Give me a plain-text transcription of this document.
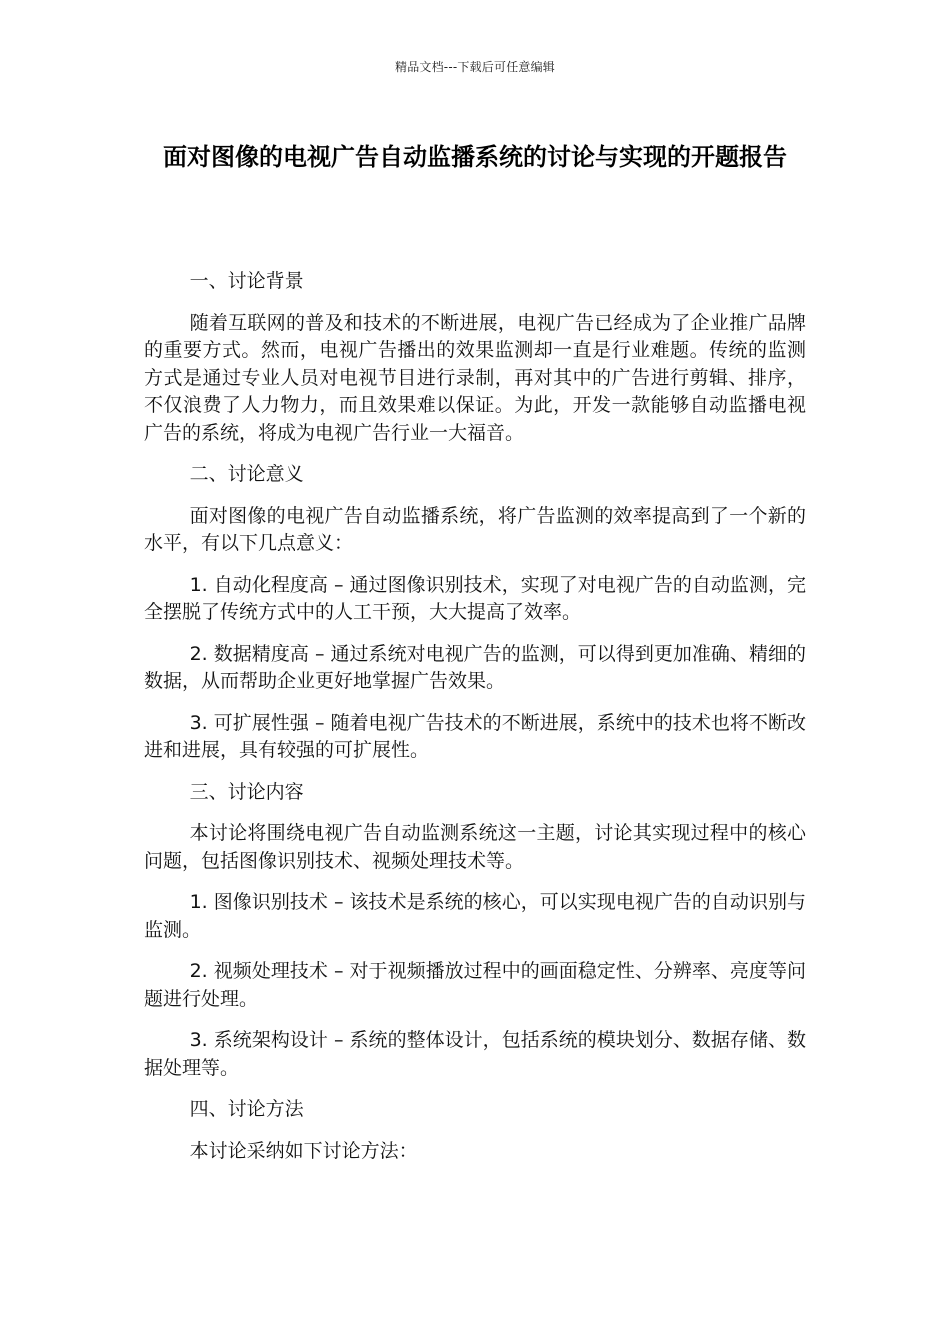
精品文档---下载后可任意编辑
面对图像的电视广告自动监播系统的讨论与实现的开题报告

一、讨论背景

随着互联网的普及和技术的不断进展，电视广告已经成为了企业推广品牌的重要方式。然而，电视广告播出的效果监测却一直是行业难题。传统的监测方式是通过专业人员对电视节目进行录制，再对其中的广告进行剪辑、排序，不仅浪费了人力物力，而且效果难以保证。为此，开发一款能够自动监播电视广告的系统，将成为电视广告行业一大福音。

二、讨论意义

面对图像的电视广告自动监播系统，将广告监测的效率提高到了一个新的水平，有以下几点意义：

1. 自动化程度高 – 通过图像识别技术，实现了对电视广告的自动监测，完全摆脱了传统方式中的人工干预，大大提高了效率。

2. 数据精度高 – 通过系统对电视广告的监测，可以得到更加准确、精细的数据，从而帮助企业更好地掌握广告效果。

3. 可扩展性强 – 随着电视广告技术的不断进展，系统中的技术也将不断改进和进展，具有较强的可扩展性。

三、讨论内容

本讨论将围绕电视广告自动监测系统这一主题，讨论其实现过程中的核心问题，包括图像识别技术、视频处理技术等。

1. 图像识别技术 – 该技术是系统的核心，可以实现电视广告的自动识别与监测。

2. 视频处理技术 – 对于视频播放过程中的画面稳定性、分辨率、亮度等问题进行处理。

3. 系统架构设计 – 系统的整体设计，包括系统的模块划分、数据存储、数据处理等。

四、讨论方法

本讨论采纳如下讨论方法：
